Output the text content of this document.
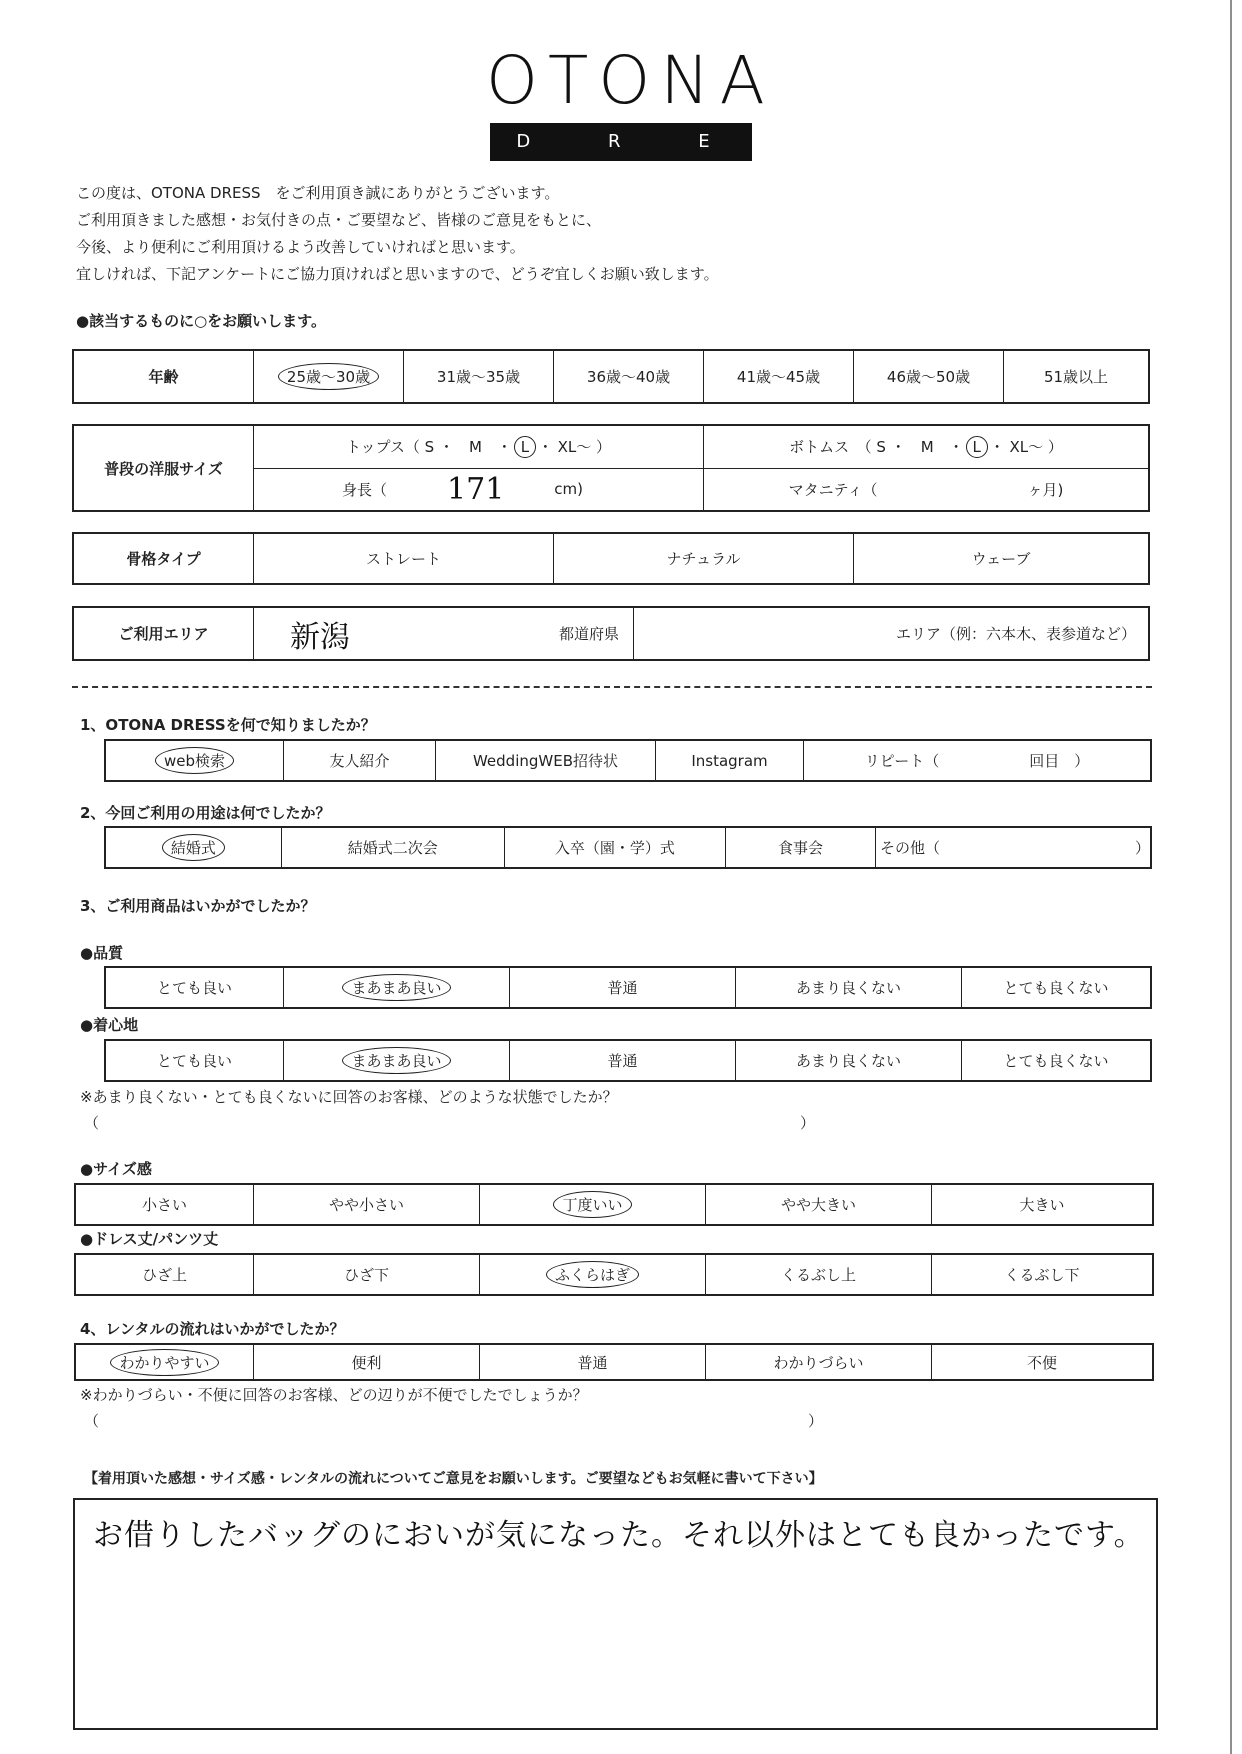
OTONA
D R E S S
この度は、OTONA DRESS　をご利用頂き誠にありがとうございます。
ご利用頂きました感想・お気付きの点・ご要望など、皆様のご意見をもとに、
今後、より便利にご利用頂けるよう改善していければと思います。
宜しければ、下記アンケートにご協力頂ければと思いますので、どうぞ宜しくお願い致します。
●該当するものに○をお願いします。
年齢	25歳～30歳	31歳～35歳	36歳～40歳	41歳～45歳	46歳～50歳	51歳以上
普段の洋服サイズ
トップス（ S ・　M　・ L ・ XL～ ）	ボトムス　（ S ・　M　・ L ・ XL～ ）
身長（ 171	cm)	マタニティ（	ヶ月)
骨格タイプ	ストレート	ナチュラル	ウェーブ
ご利用エリア	新潟	都道府県	エリア（例：六本木、表参道など）
1、OTONA DRESSを何で知りましたか？
web検索	友人紹介	WeddingWEB招待状	Instagram	リピート（　　　　　　回目　）
2、今回ご利用の用途は何でしたか？
結婚式	結婚式二次会	入卒（園・学）式	食事会	その他（　　　　　　　　　　　　　）
3、ご利用商品はいかがでしたか？
●品質
とても良い	まあまあ良い	普通	あまり良くない	とても良くない
●着心地
とても良い	まあまあ良い	普通	あまり良くない	とても良くない
※あまり良くない・とても良くないに回答のお客様、どのような状態でしたか？
（	）
●サイズ感
小さい	やや小さい	丁度いい	やや大きい	大きい
●ドレス丈/パンツ丈
ひざ上	ひざ下	ふくらはぎ	くるぶし上	くるぶし下
4、レンタルの流れはいかがでしたか？
わかりやすい	便利	普通	わかりづらい	不便
※わかりづらい・不便に回答のお客様、どの辺りが不便でしたでしょうか？
（	）
【着用頂いた感想・サイズ感・レンタルの流れについてご意見をお願いします。ご要望などもお気軽に書いて下さい】
お借りしたバッグのにおいが気になった。それ以外はとても良かったです。
